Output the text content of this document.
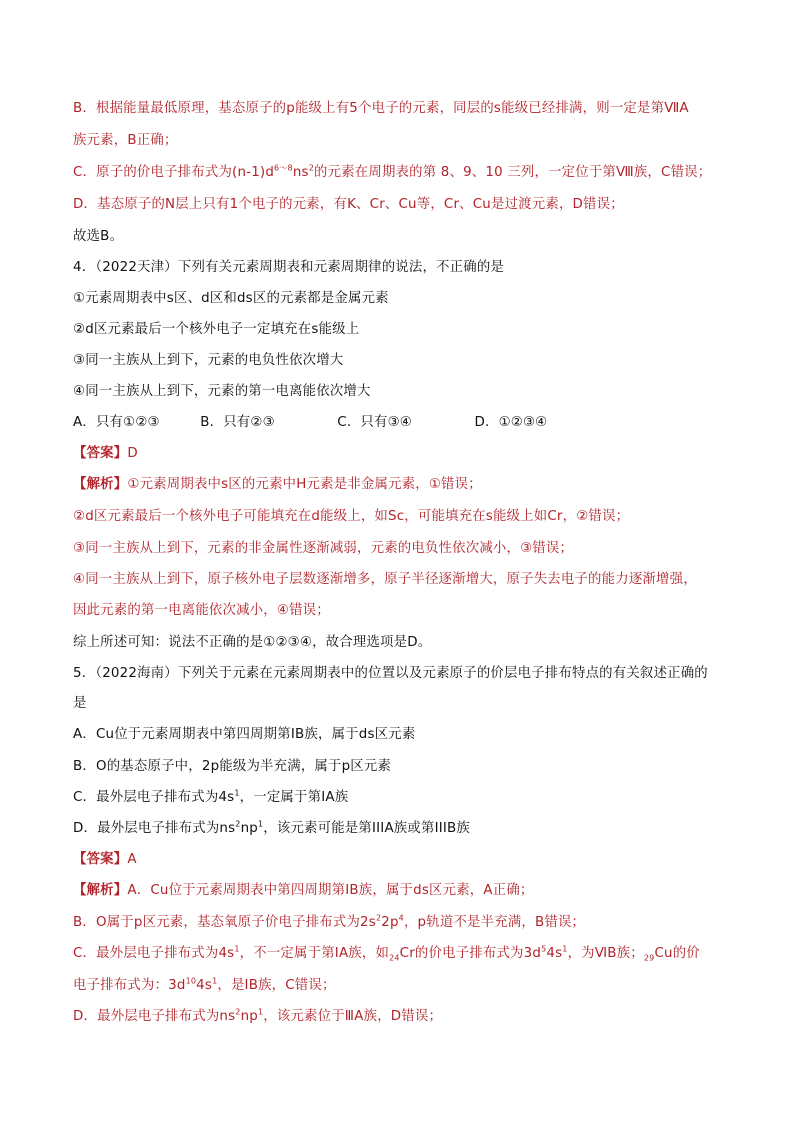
B．根据能量最低原理，基态原子的p能级上有5个电子的元素，同层的s能级已经排满，则一定是第ⅦA
族元素，B正确；
C．原子的价电子排布式为$(n-1)d^{6\sim 8}ns^2$的元素在周期表的第 8、9、10 三列，一定位于第Ⅷ族，C错误；
D．基态原子的N层上只有1个电子的元素，有K、Cr、Cu等，Cr、Cu是过渡元素，D错误；
故选B。
4．（2022天津）下列有关元素周期表和元素周期律的说法，不正确的是
①元素周期表中s区、d区和ds区的元素都是金属元素
②d区元素最后一个核外电子一定填充在s能级上
③同一主族从上到下，元素的电负性依次增大
④同一主族从上到下，元素的第一电离能依次增大
A．只有①②③	B．只有②③	C．只有③④	D．①②③④
【答案】D
【解析】①元素周期表中s区的元素中H元素是非金属元素，①错误；
②d区元素最后一个核外电子可能填充在d能级上，如Sc，可能填充在s能级上如Cr，②错误；
③同一主族从上到下，元素的非金属性逐渐减弱，元素的电负性依次减小，③错误；
④同一主族从上到下，原子核外电子层数逐渐增多，原子半径逐渐增大，原子失去电子的能力逐渐增强，
因此元素的第一电离能依次减小，④错误；
综上所述可知：说法不正确的是①②③④，故合理选项是D。
5．（2022海南）下列关于元素在元素周期表中的位置以及元素原子的价层电子排布特点的有关叙述正确的
是
A．Cu位于元素周期表中第四周期第IB族，属于ds区元素
B．O的基态原子中，2p能级为半充满，属于p区元素
C．最外层电子排布式为$4s^1$，一定属于第IA族
D．最外层电子排布式为$ns^2np^1$，该元素可能是第IIIA族或第IIIB族
【答案】A
【解析】A．Cu位于元素周期表中第四周期第ⅠB族，属于ds区元素，A正确；
B．O属于p区元素，基态氧原子价电子排布式为$2s^22p^4$，p轨道不是半充满，B错误；
C．最外层电子排布式为$4s^1$，不一定属于第IA族，如$_{24}$Cr的价电子排布式为$3d^54s^1$，为ⅥB族；$_{29}$Cu的价
电子排布式为：$3d^{10}4s^1$，是ⅠB族，C错误；
D．最外层电子排布式为$ns^2np^1$，该元素位于ⅢA族，D错误；
